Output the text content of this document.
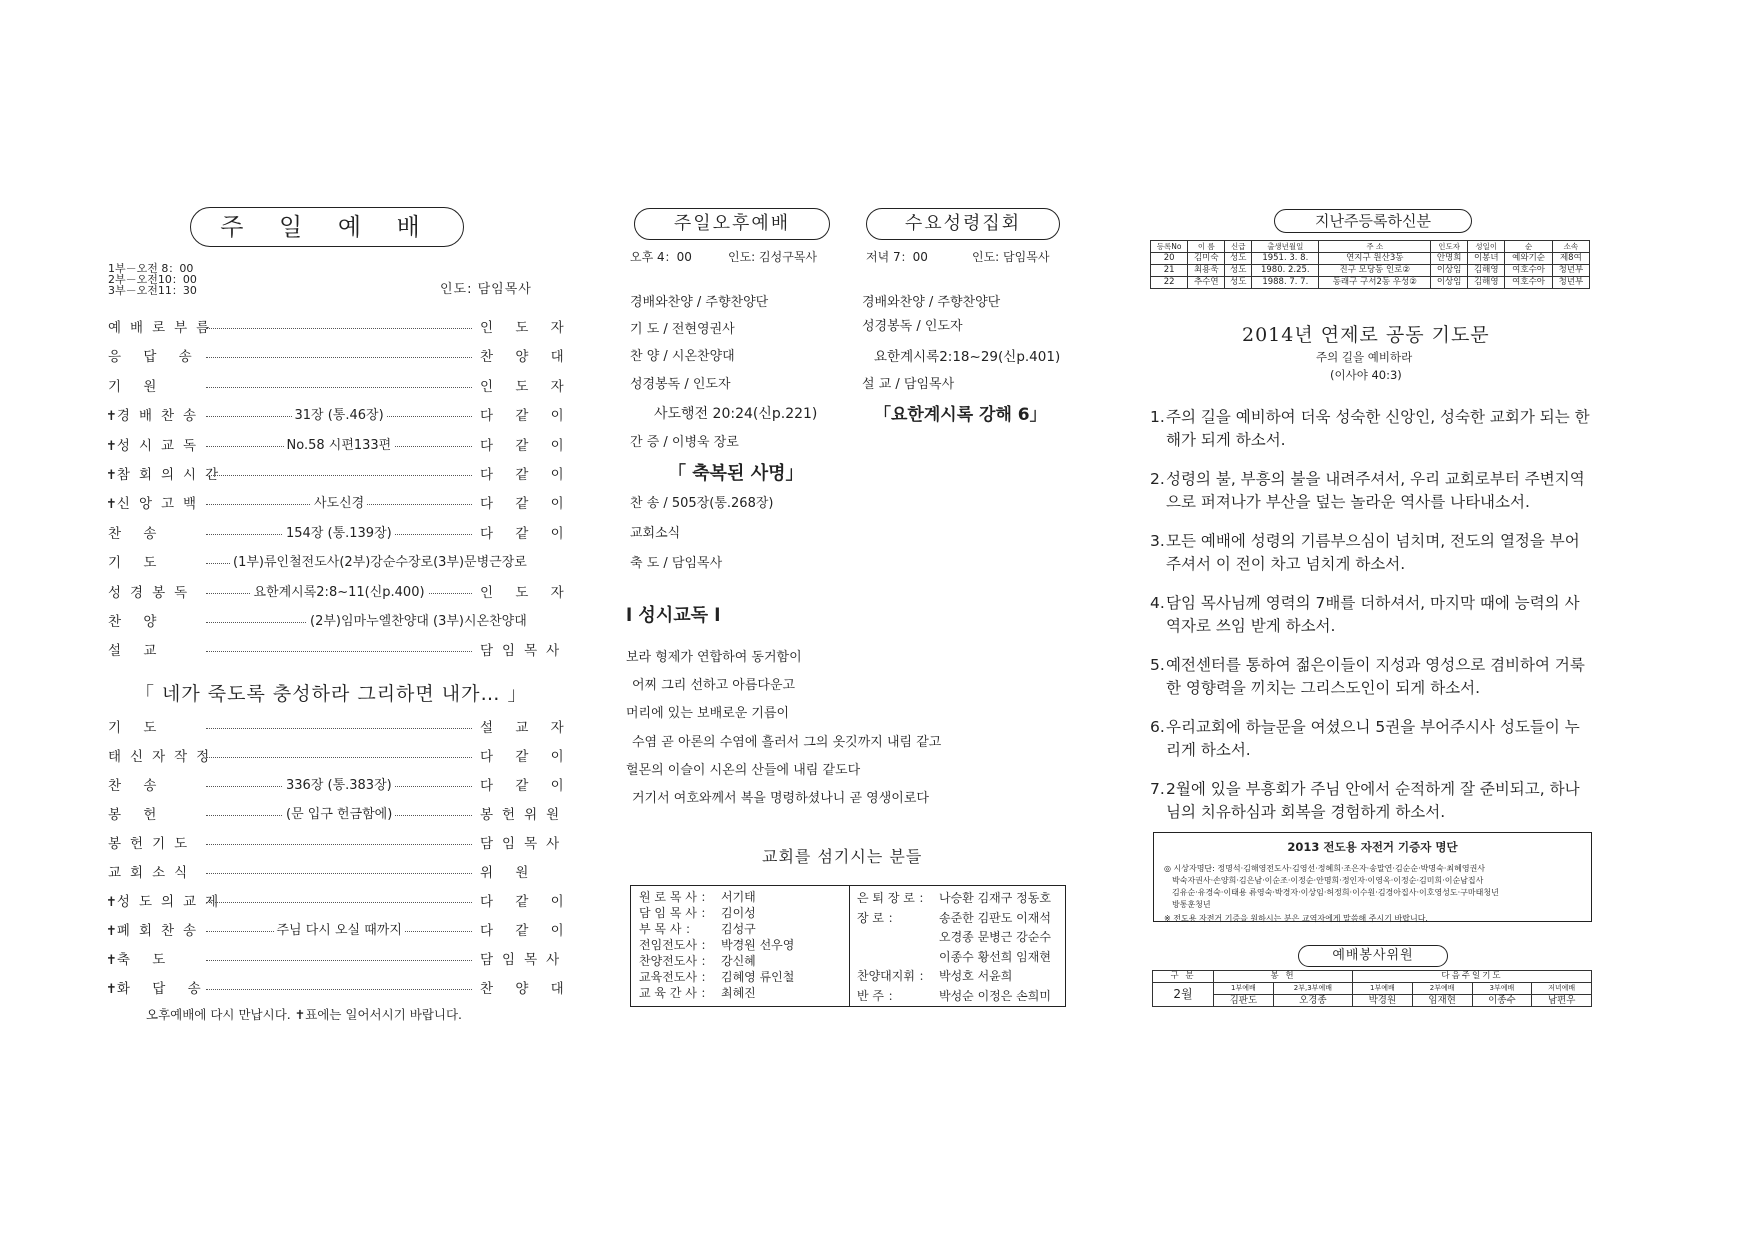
주 일 예 배
1부－오전 8：00
2부－오전10：00
3부－오전11：30	인도: 담임목사
예배로부름	인 도 자
응 답 송	찬 양 대
기 원	인 도 자
✝경배찬송	31장 (통.46장)	다 같 이
✝성시교독	No.58 시편133편	다 같 이
✝참회의시간	다 같 이
✝신앙고백	사도신경	다 같 이
찬 송	154장 (통.139장)	다 같 이
기 도	(1부)류인철전도사(2부)강순수장로(3부)문병근장로
성경봉독	요한계시록2:8~11(신p.400)	인 도 자
찬 양	(2부)임마누엘찬양대 (3부)시온찬양대
설 교	담임목사
「 네가 죽도록 충성하라 그리하면 내가… 」
기 도	설 교 자
태신자작정	다 같 이
찬 송	336장 (통.383장)	다 같 이
봉 헌	(문 입구 헌금함에)	봉헌위원
봉헌기도	담임목사
교회소식	위 원
✝성도의교제	다 같 이
✝폐회찬송	주님 다시 오실 때까지	다 같 이
✝축 도	담임목사
✝화 답 송	찬 양 대
오후예배에 다시 만납시다. ✝표에는 일어서시기 바랍니다.
주일오후예배	수요성령집회
오후 4：00	인도: 김성구목사	저녁 7：00	인도: 담임목사
경배와찬양 / 주향찬양단
기 도 / 전현영권사
찬 양 / 시온찬양대
성경봉독 / 인도자
사도행전 20:24(신p.221)
간 증 / 이병욱 장로
「 축복된 사명」
찬 송 / 505장(통.268장)
교회소식
축 도 / 담임목사
경배와찬양 / 주향찬양단
성경봉독 / 인도자
요한계시록2:18~29(신p.401)
설 교 / 담임목사
「요한계시록 강해 6」
l 성시교독 l
보라 형제가 연합하여 동거함이
어찌 그리 선하고 아름다운고
머리에 있는 보배로운 기름이
수염 곧 아론의 수염에 흘러서 그의 옷깃까지 내림 같고
헐몬의 이슬이 시온의 산들에 내림 같도다
거기서 여호와께서 복을 명령하셨나니 곧 영생이로다
교회를 섬기시는 분들
원 로 목 사 ： 서기태
담 임 목 사 ： 김이성
부 목 사 ： 김성구
전임전도사 ： 박경원 선우영
찬양전도사 ： 강신혜
교육전도사 ： 김혜영 류인철
교 육 간 사 ： 최혜진
은 퇴 장 로 ： 나승환 김재구 정동호
장 로 ：	송준한 김판도 이재석
오경종 문병근 강순수
이종수 황선희 임재현
찬양대지휘 ： 박성호 서윤희
반 주 ：	박성순 이정은 손희미
지난주등록하신분
등록No	이 름	신급	출생년월일	주 소	인도자	성일이	순	소속
20	김미숙	성도	1951. 3. 8.	연지구 원산3동	안명희	이봉녀	예와기순	제8여
21	최용욱	성도	1980. 2.25.	진구 모당동 인로②	이상임	김해영	여호수아	청년부
22	추수연	성도	1988. 7. 7.	동래구 구서2동 우성②	이상임	김해영	여호수아	청년부
2014년 연제로 공동 기도문
주의 길을 예비하라
(이사야 40:3)
1. 주의 길을 예비하여 더욱 성숙한 신앙인, 성숙한 교회가 되는 한 해가 되게 하소서.
2. 성령의 불, 부흥의 불을 내려주셔서, 우리 교회로부터 주변지역으로 퍼져나가 부산을 덮는 놀라운 역사를 나타내소서.
3. 모든 예배에 성령의 기름부으심이 넘치며, 전도의 열정을 부어주셔서 이 전이 차고 넘치게 하소서.
4. 담임 목사님께 영력의 7배를 더하셔서, 마지막 때에 능력의 사역자로 쓰임 받게 하소서.
5. 예전센터를 통하여 젊은이들이 지성과 영성으로 겸비하여 거룩한 영향력을 끼치는 그리스도인이 되게 하소서.
6. 우리교회에 하늘문을 여셨으니 5권을 부어주시사 성도들이 누리게 하소서.
7. 2월에 있을 부흥회가 주님 안에서 순적하게 잘 준비되고, 하나님의 치유하심과 회복을 경험하게 하소서.
2013 전도용 자전거 기증자 명단
◎ 시상자명단: 정명석·김해영전도사·김영선·정혜희·조은자·송말연·김순순·박명숙·최혜영권사
박숙자권사·손양희·김은남·이순조·이정순·안명희·정인자·이영옥·이정순·김미희·이순남집사
김유순·유경숙·이태용 류영숙·박경자·이상임·허정희·이수원·김경아집사·이호영성도·구마태청년
방통훈청년
※ 전도용 자전거 기증을 원하시는 분은 교역자에게 말씀해 주시기 바랍니다.
예배봉사위원
구 분	봉 헌		다음주일기도			
2월	1부예배	2부,3부예배	1부예배	2부예배	3부예배	저녁예배
	김판도	오경종	박경원	임재현	이종수	남편우
